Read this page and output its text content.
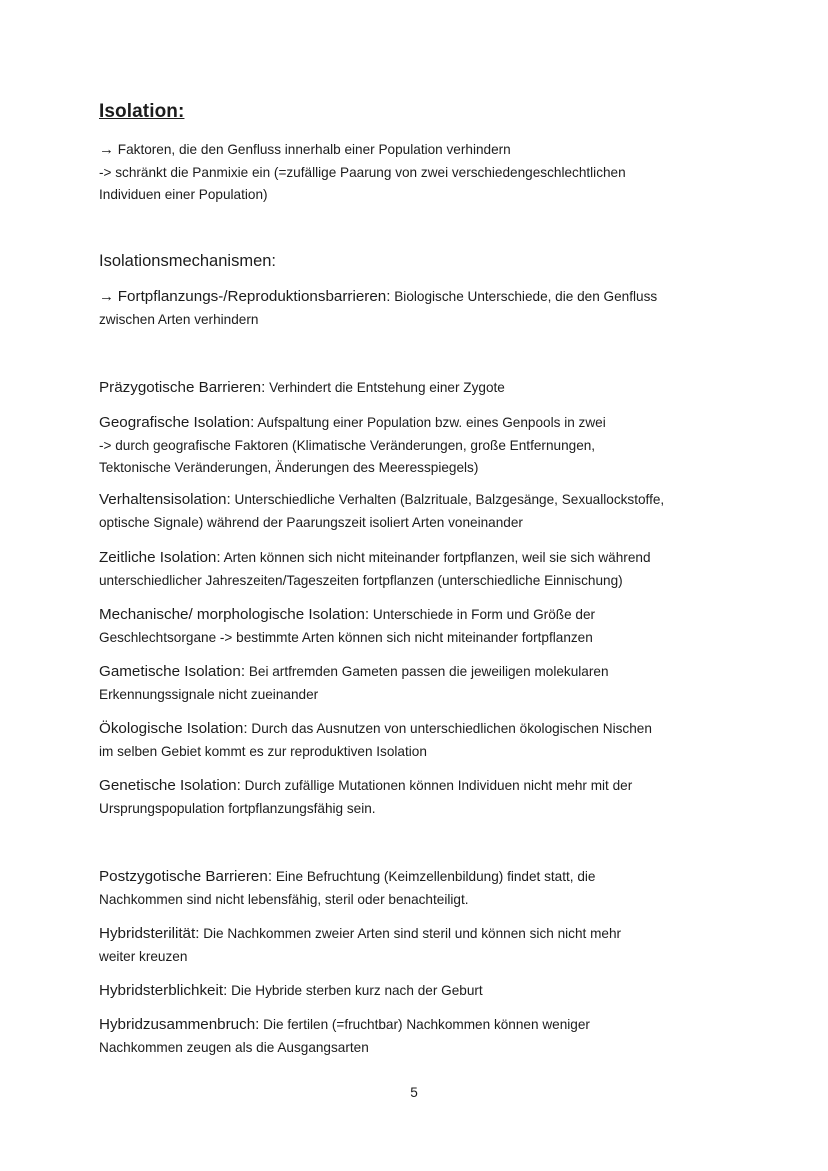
Isolation:
→ Faktoren, die den Genfluss innerhalb einer Population verhindern
-> schränkt die Panmixie ein (=zufällige Paarung von zwei verschiedengeschlechtlichen
Individuen einer Population)
Isolationsmechanismen:
→ Fortpflanzungs-/Reproduktionsbarrieren: Biologische Unterschiede, die den Genfluss
zwischen Arten verhindern
Präzygotische Barrieren: Verhindert die Entstehung einer Zygote
Geografische Isolation: Aufspaltung einer Population bzw. eines Genpools in zwei
-> durch geografische Faktoren (Klimatische Veränderungen, große Entfernungen,
Tektonische Veränderungen, Änderungen des Meeresspiegels)
Verhaltensisolation: Unterschiedliche Verhalten (Balzrituale, Balzgesänge, Sexuallockstoffe,
optische Signale) während der Paarungszeit isoliert Arten voneinander
Zeitliche Isolation: Arten können sich nicht miteinander fortpflanzen, weil sie sich während
unterschiedlicher Jahreszeiten/Tageszeiten fortpflanzen (unterschiedliche Einnischung)
Mechanische/ morphologische Isolation: Unterschiede in Form und Größe der
Geschlechtsorgane -> bestimmte Arten können sich nicht miteinander fortpflanzen
Gametische Isolation: Bei artfremden Gameten passen die jeweiligen molekularen
Erkennungssignale nicht zueinander
Ökologische Isolation: Durch das Ausnutzen von unterschiedlichen ökologischen Nischen
im selben Gebiet kommt es zur reproduktiven Isolation
Genetische Isolation: Durch zufällige Mutationen können Individuen nicht mehr mit der
Ursprungspopulation fortpflanzungsfähig sein.
Postzygotische Barrieren: Eine Befruchtung (Keimzellenbildung) findet statt, die
Nachkommen sind nicht lebensfähig, steril oder benachteiligt.
Hybridsterilität: Die Nachkommen zweier Arten sind steril und können sich nicht mehr
weiter kreuzen
Hybridsterblichkeit: Die Hybride sterben kurz nach der Geburt
Hybridzusammenbruch: Die fertilen (=fruchtbar) Nachkommen können weniger
Nachkommen zeugen als die Ausgangsarten
5
